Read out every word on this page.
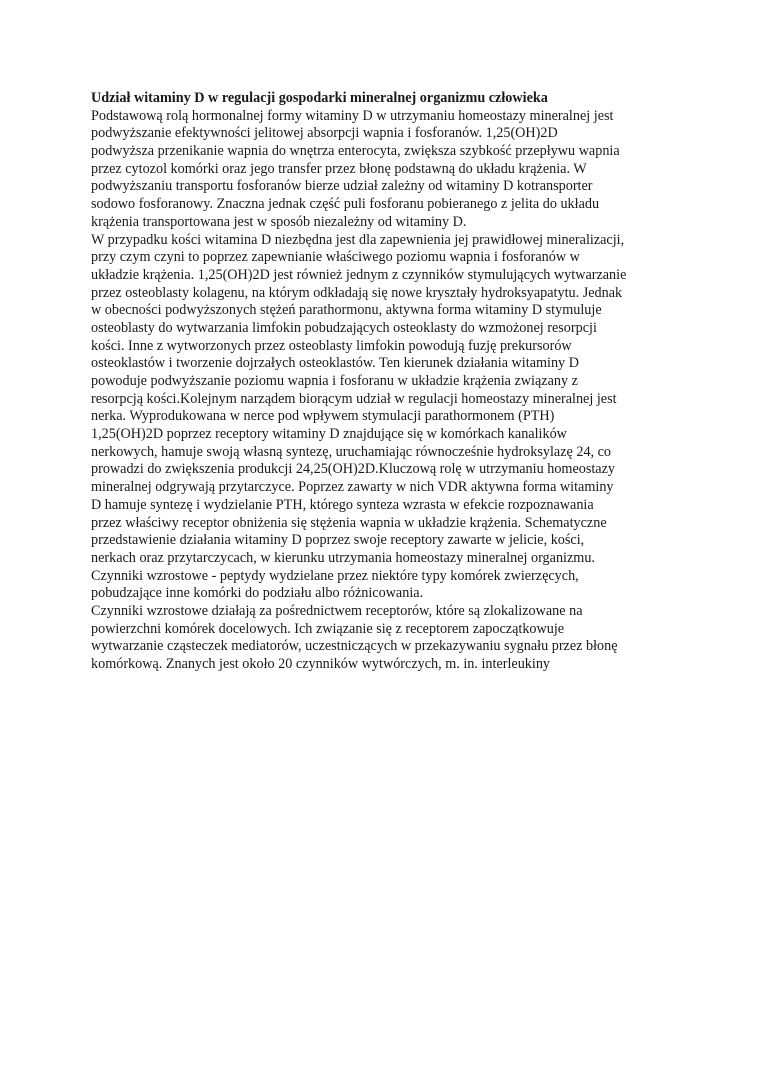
Udział witaminy D w regulacji gospodarki mineralnej organizmu człowieka
Podstawową rolą hormonalnej formy witaminy D w utrzymaniu homeostazy mineralnej jest
podwyższanie efektywności jelitowej absorpcji wapnia i fosforanów. 1,25(OH)2D
podwyższa przenikanie wapnia do wnętrza enterocyta, zwiększa szybkość przepływu wapnia
przez cytozol komórki oraz jego transfer przez błonę podstawną do układu krążenia. W
podwyższaniu transportu fosforanów bierze udział zależny od witaminy D kotransporter
sodowo fosforanowy. Znaczna jednak część puli fosforanu pobieranego z jelita do układu
krążenia transportowana jest w sposób niezależny od witaminy D.
W przypadku kości witamina D niezbędna jest dla zapewnienia jej prawidłowej mineralizacji,
przy czym czyni to poprzez zapewnianie właściwego poziomu wapnia i fosforanów w
układzie krążenia. 1,25(OH)2D jest również jednym z czynników stymulujących wytwarzanie
przez osteoblasty kolagenu, na którym odkładają się nowe kryształy hydroksyapatytu. Jednak
w obecności podwyższonych stężeń parathormonu, aktywna forma witaminy D stymuluje
osteoblasty do wytwarzania limfokin pobudzających osteoklasty do wzmożonej resorpcji
kości. Inne z wytworzonych przez osteoblasty limfokin powodują fuzję prekursorów
osteoklastów i tworzenie dojrzałych osteoklastów. Ten kierunek działania witaminy D
powoduje podwyższanie poziomu wapnia i fosforanu w układzie krążenia związany z
resorpcją kości.Kolejnym narządem biorącym udział w regulacji homeostazy mineralnej jest
nerka. Wyprodukowana w nerce pod wpływem stymulacji parathormonem (PTH)
1,25(OH)2D poprzez receptory witaminy D znajdujące się w komórkach kanalików
nerkowych, hamuje swoją własną syntezę, uruchamiając równocześnie hydroksylazę 24, co
prowadzi do zwiększenia produkcji 24,25(OH)2D.Kluczową rolę w utrzymaniu homeostazy
mineralnej odgrywają przytarczyce. Poprzez zawarty w nich VDR aktywna forma witaminy
D hamuje syntezę i wydzielanie PTH, którego synteza wzrasta w efekcie rozpoznawania
przez właściwy receptor obniżenia się stężenia wapnia w układzie krążenia. Schematyczne
przedstawienie działania witaminy D poprzez swoje receptory zawarte w jelicie, kości,
nerkach oraz przytarczycach, w kierunku utrzymania homeostazy mineralnej organizmu.
Czynniki wzrostowe - peptydy wydzielane przez niektóre typy komórek zwierzęcych,
pobudzające inne komórki do podziału albo różnicowania.
Czynniki wzrostowe działają za pośrednictwem receptorów, które są zlokalizowane na
powierzchni komórek docelowych. Ich związanie się z receptorem zapoczątkowuje
wytwarzanie cząsteczek mediatorów, uczestniczących w przekazywaniu sygnału przez błonę
komórkową. Znanych jest około 20 czynników wytwórczych, m. in. interleukiny
